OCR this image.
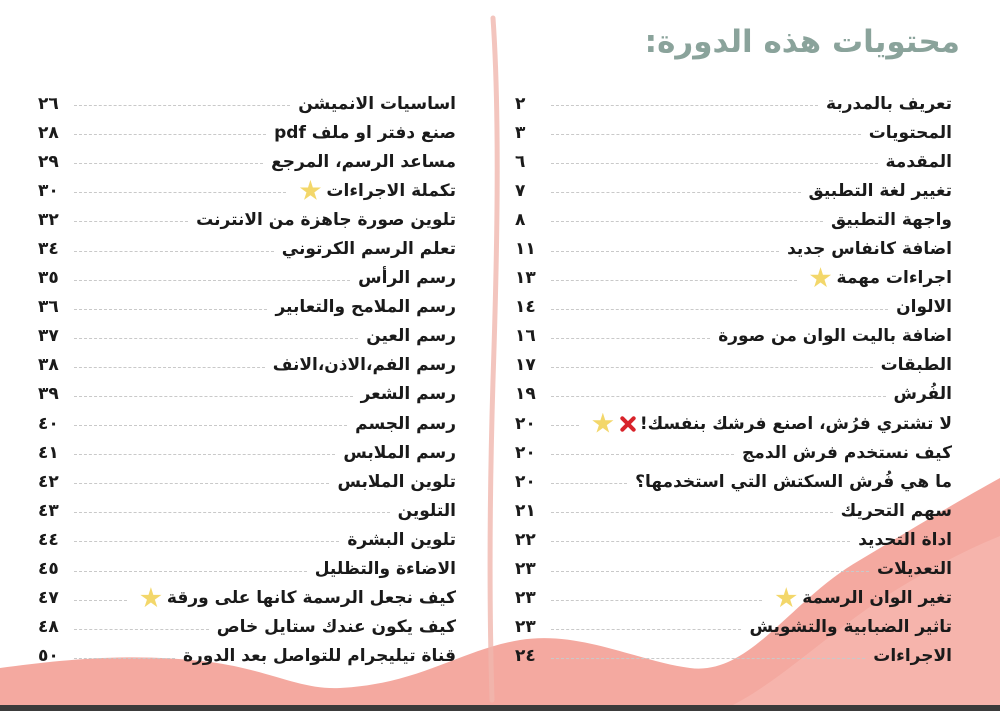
محتويات هذه الدورة:
تعريف بالمدربة
٢
المحتويات
٣
المقدمة
٦
تغيير لغة التطبيق
٧
واجهة التطبيق
٨
اضافة كانفاس جديد
١١
اجراءات مهمة
١٣
الالوان
١٤
اضافة باليت الوان من صورة
١٦
الطبقات
١٧
الفُرش
١٩
لا تشتري فرُش، اصنع فرشك بنفسك!
٢٠
كيف نستخدم فرش الدمج
٢٠
ما هي فُرش السكتش التي استخدمها؟
٢٠
سهم التحريك
٢١
اداة التحديد
٢٢
التعديلات
٢٣
تغير الوان الرسمة
٢٣
تاثير الضبابية والتشويش
٢٣
الاجراءات
٢٤
اساسيات الانميشن
٢٦
صنع دفتر او ملف pdf
٢٨
مساعد الرسم، المرجع
٢٩
تكملة الاجراءات
٣٠
تلوين صورة جاهزة من الانترنت
٣٢
تعلم الرسم الكرتوني
٣٤
رسم الرأس
٣٥
رسم الملامح والتعابير
٣٦
رسم العين
٣٧
رسم الفم،الاذن،الانف
٣٨
رسم الشعر
٣٩
رسم الجسم
٤٠
رسم الملابس
٤١
تلوين الملابس
٤٢
التلوين
٤٣
تلوين البشرة
٤٤
الاضاءة والتظليل
٤٥
كيف نجعل الرسمة كانها على ورقة
٤٧
كيف يكون عندك ستايل خاص
٤٨
قناة تيليجرام للتواصل بعد الدورة
٥٠
